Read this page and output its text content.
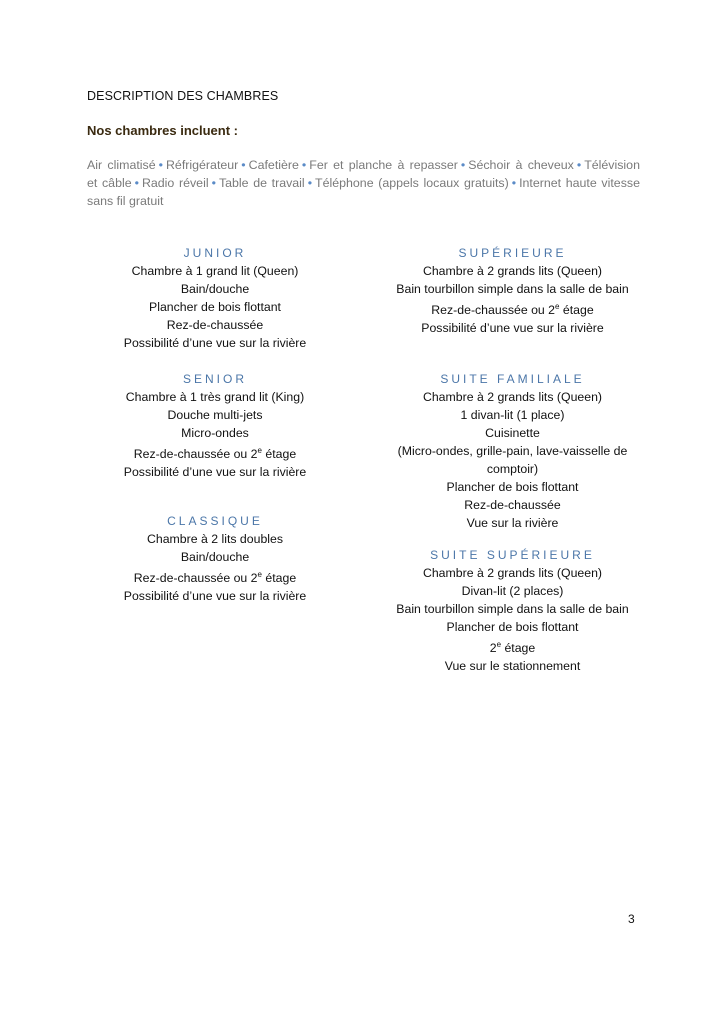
DESCRIPTION DES CHAMBRES
Nos chambres incluent :
Air climatisé • Réfrigérateur • Cafetière • Fer et planche à repasser • Séchoir à cheveux • Télévision et câble • Radio réveil • Table de travail • Téléphone (appels locaux gratuits) • Internet haute vitesse sans fil gratuit
JUNIOR
Chambre à 1 grand lit (Queen)
Bain/douche
Plancher de bois flottant
Rez-de-chaussée
Possibilité d’une vue sur la rivière
SENIOR
Chambre à 1 très grand lit (King)
Douche multi-jets
Micro-ondes
Rez-de-chaussée ou 2e étage
Possibilité d’une vue sur la rivière
CLASSIQUE
Chambre à 2 lits doubles
Bain/douche
Rez-de-chaussée ou 2e étage
Possibilité d’une vue sur la rivière
SUPÉRIEURE
Chambre à 2 grands lits (Queen)
Bain tourbillon simple dans la salle de bain
Rez-de-chaussée ou 2e étage
Possibilité d’une vue sur la rivière
SUITE FAMILIALE
Chambre à 2 grands lits (Queen)
1 divan-lit (1 place)
Cuisinette
(Micro-ondes, grille-pain, lave-vaisselle de comptoir)
Plancher de bois flottant
Rez-de-chaussée
Vue sur la rivière
SUITE SUPÉRIEURE
Chambre à 2 grands lits (Queen)
Divan-lit (2 places)
Bain tourbillon simple dans la salle de bain
Plancher de bois flottant
2e étage
Vue sur le stationnement
3
